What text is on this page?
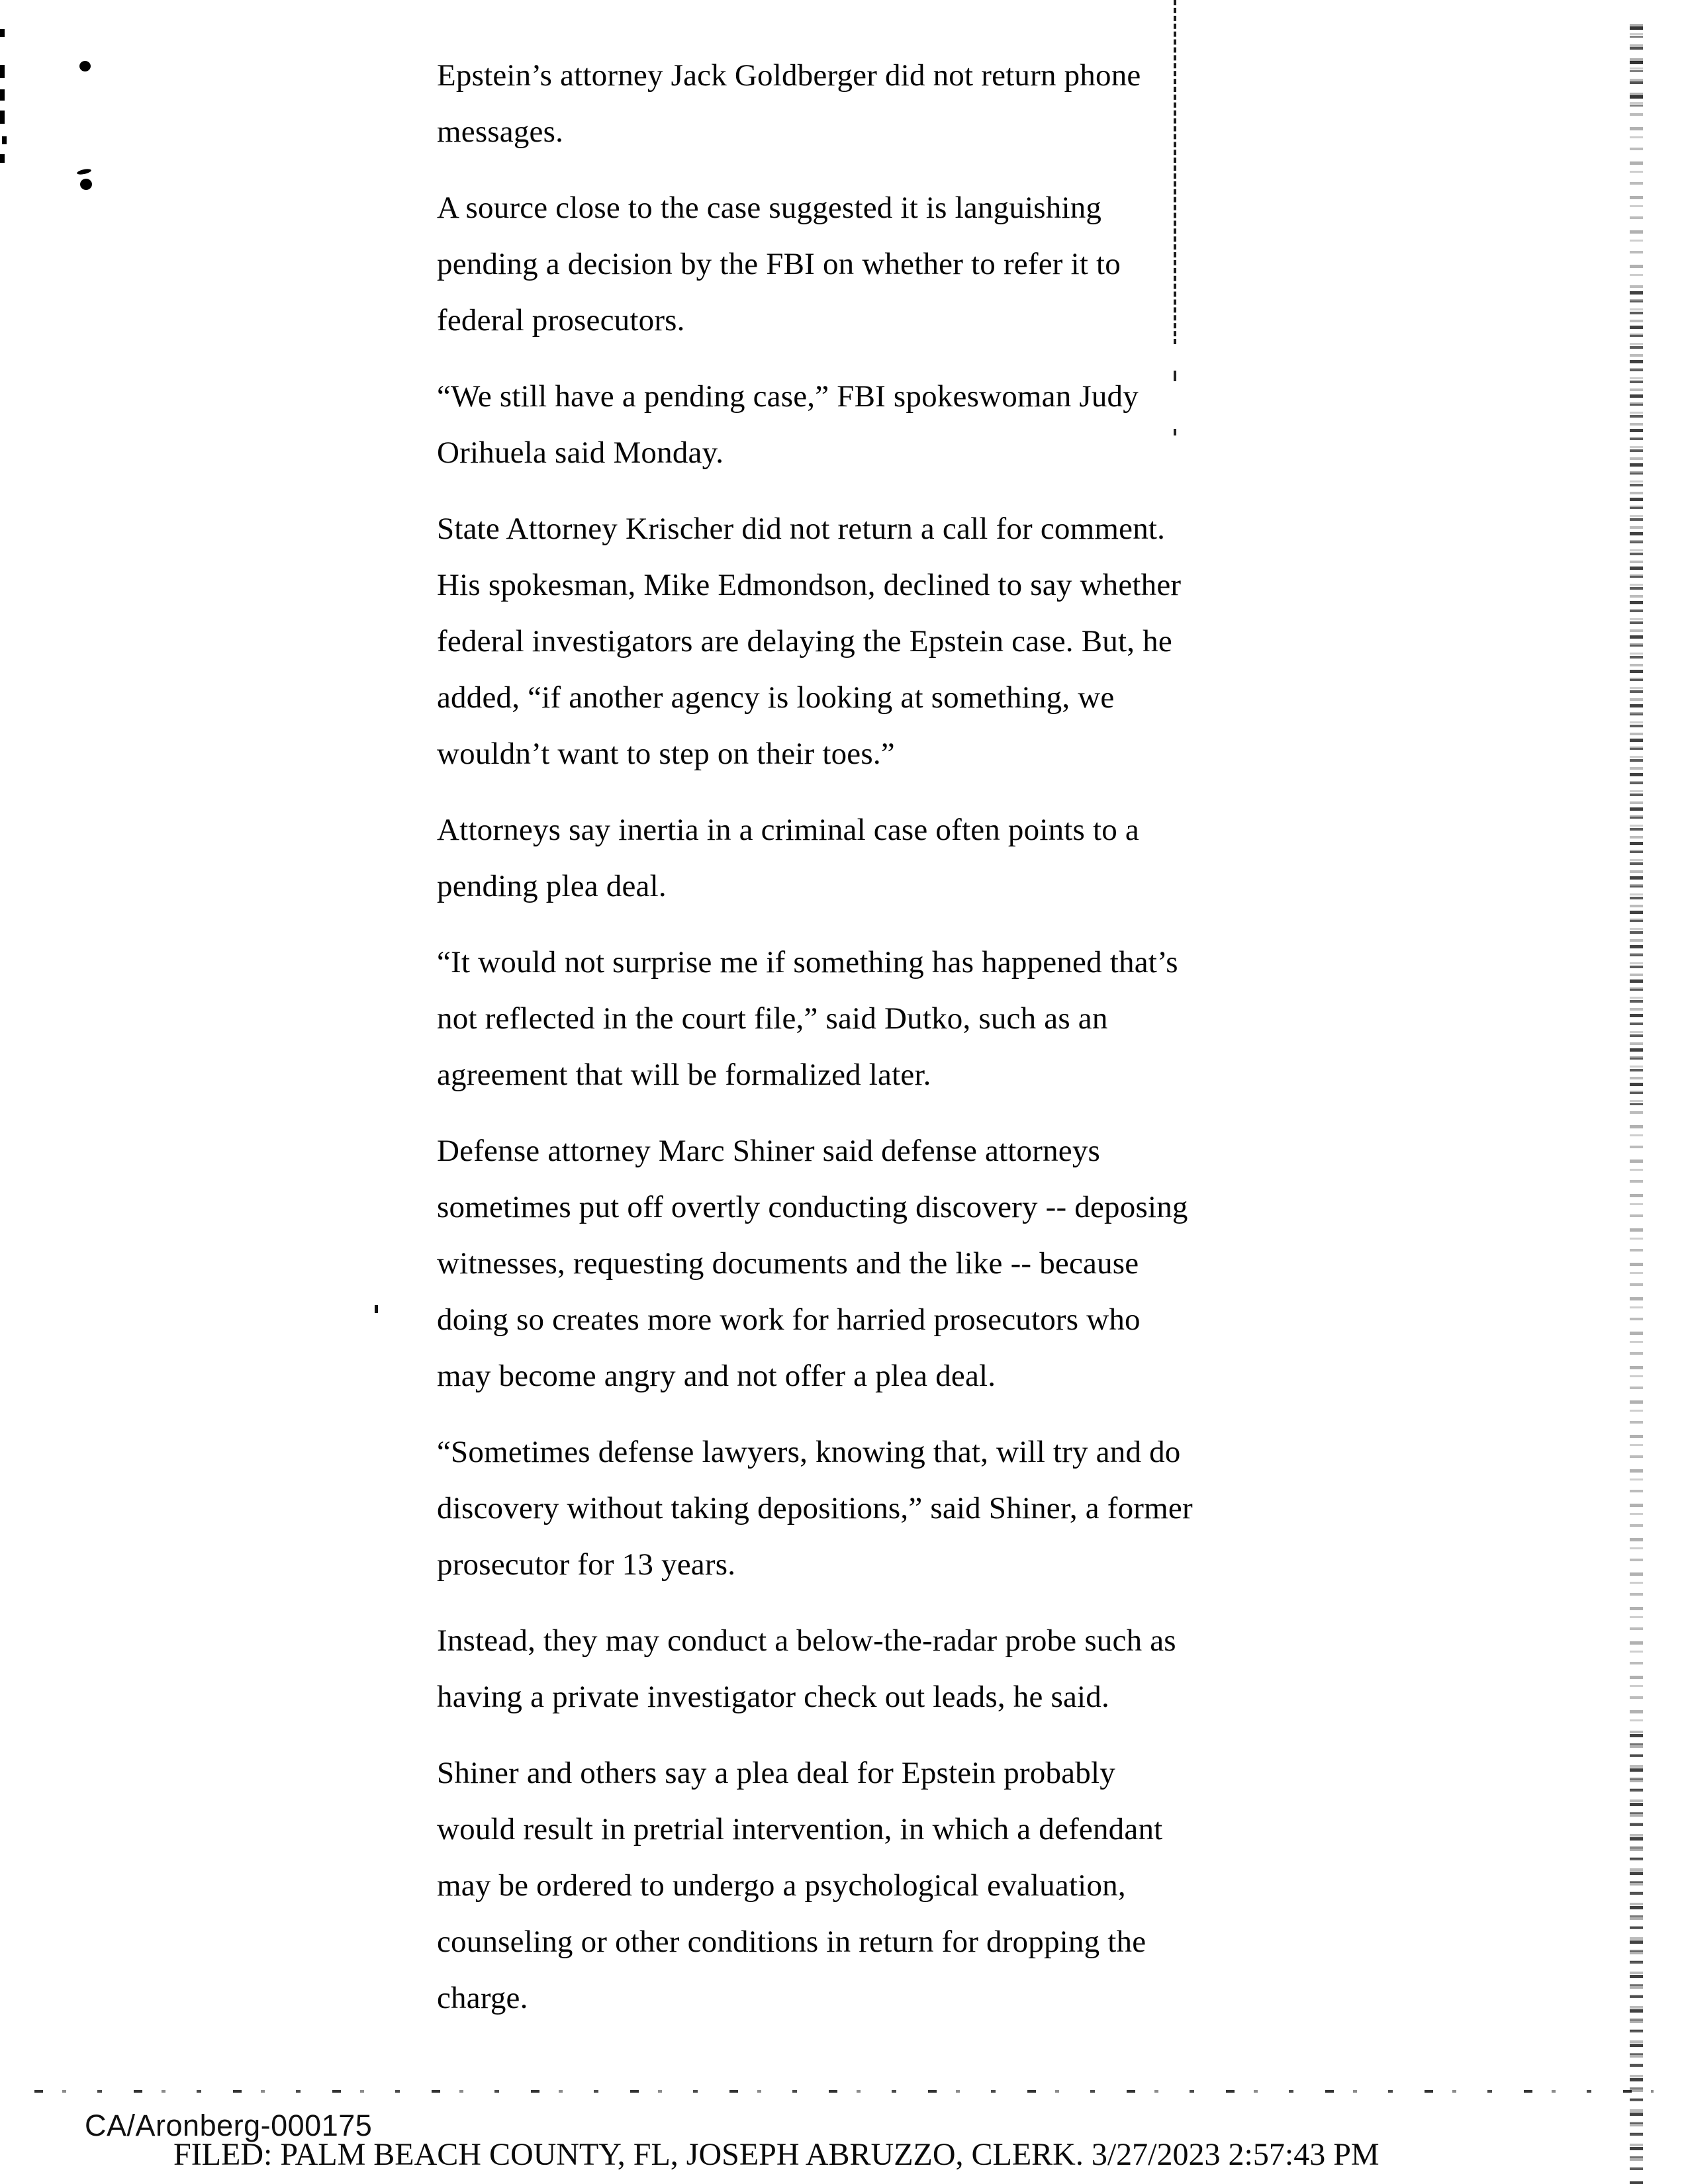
Epstein’s attorney Jack Goldberger did not return phone
messages.

A source close to the case suggested it is languishing
pending a decision by the FBI on whether to refer it to
federal prosecutors.

“We still have a pending case,” FBI spokeswoman Judy
Orihuela said Monday.

State Attorney Krischer did not return a call for comment.
His spokesman, Mike Edmondson, declined to say whether
federal investigators are delaying the Epstein case. But, he
added, “if another agency is looking at something, we
wouldn’t want to step on their toes.”

Attorneys say inertia in a criminal case often points to a
pending plea deal.

“It would not surprise me if something has happened that’s
not reflected in the court file,” said Dutko, such as an
agreement that will be formalized later.

Defense attorney Marc Shiner said defense attorneys
sometimes put off overtly conducting discovery -- deposing
witnesses, requesting documents and the like -- because
doing so creates more work for harried prosecutors who
may become angry and not offer a plea deal.

“Sometimes defense lawyers, knowing that, will try and do
discovery without taking depositions,” said Shiner, a former
prosecutor for 13 years.

Instead, they may conduct a below-the-radar probe such as
having a private investigator check out leads, he said.

Shiner and others say a plea deal for Epstein probably
would result in pretrial intervention, in which a defendant
may be ordered to undergo a psychological evaluation,
counseling or other conditions in return for dropping the
charge.

CA/Aronberg-000175
FILED: PALM BEACH COUNTY, FL, JOSEPH ABRUZZO, CLERK. 3/27/2023 2:57:43 PM
